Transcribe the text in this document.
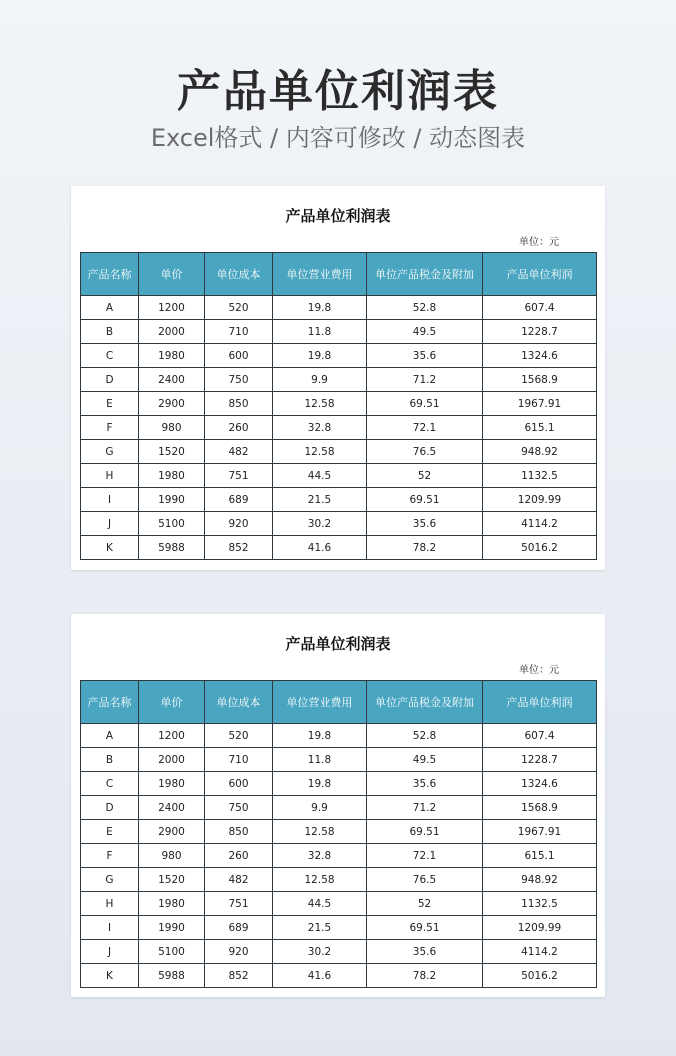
产品单位利润表
Excel格式 / 内容可修改 / 动态图表
产品单位利润表
单位：元
产品名称	单价	单位成本	单位营业费用	单位产品税金及附加	产品单位利润
A	1200	520	19.8	52.8	607.4
B	2000	710	11.8	49.5	1228.7
C	1980	600	19.8	35.6	1324.6
D	2400	750	9.9	71.2	1568.9
E	2900	850	12.58	69.51	1967.91
F	980	260	32.8	72.1	615.1
G	1520	482	12.58	76.5	948.92
H	1980	751	44.5	52	1132.5
I	1990	689	21.5	69.51	1209.99
J	5100	920	30.2	35.6	4114.2
K	5988	852	41.6	78.2	5016.2
产品单位利润表
单位：元
产品名称	单价	单位成本	单位营业费用	单位产品税金及附加	产品单位利润
A	1200	520	19.8	52.8	607.4
B	2000	710	11.8	49.5	1228.7
C	1980	600	19.8	35.6	1324.6
D	2400	750	9.9	71.2	1568.9
E	2900	850	12.58	69.51	1967.91
F	980	260	32.8	72.1	615.1
G	1520	482	12.58	76.5	948.92
H	1980	751	44.5	52	1132.5
I	1990	689	21.5	69.51	1209.99
J	5100	920	30.2	35.6	4114.2
K	5988	852	41.6	78.2	5016.2
